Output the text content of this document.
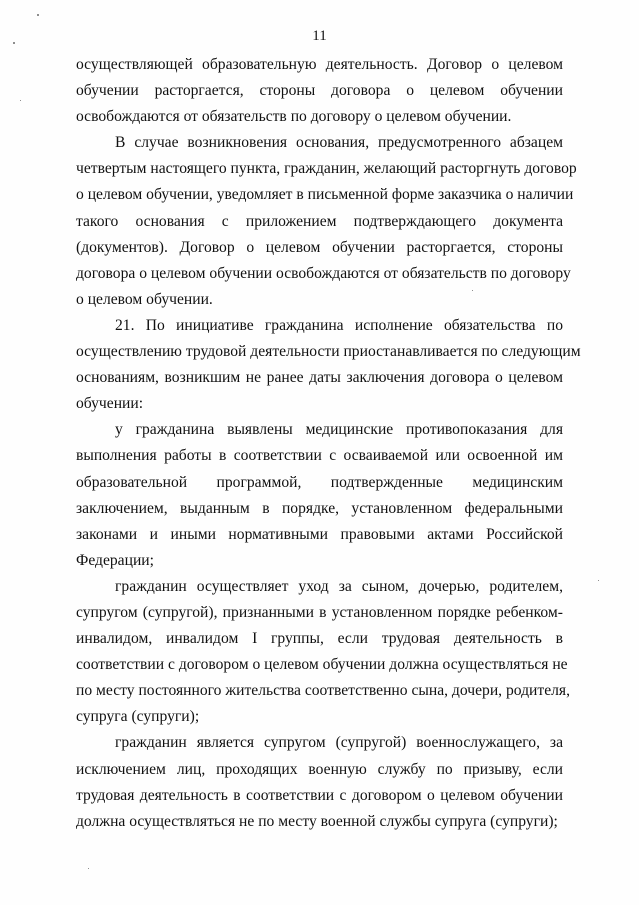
11
осуществляющей образовательную деятельность. Договор о целевом
обучении расторгается, стороны договора о целевом обучении
освобождаются от обязательств по договору о целевом обучении.
В случае возникновения основания, предусмотренного абзацем
четвертым настоящего пункта, гражданин, желающий расторгнуть договор
о целевом обучении, уведомляет в письменной форме заказчика о наличии
такого основания с приложением подтверждающего документа
(документов). Договор о целевом обучении расторгается, стороны
договора о целевом обучении освобождаются от обязательств по договору
о целевом обучении.
21. По инициативе гражданина исполнение обязательства по
осуществлению трудовой деятельности приостанавливается по следующим
основаниям, возникшим не ранее даты заключения договора о целевом
обучении:
у гражданина выявлены медицинские противопоказания для
выполнения работы в соответствии с осваиваемой или освоенной им
образовательной программой, подтвержденные медицинским
заключением, выданным в порядке, установленном федеральными
законами и иными нормативными правовыми актами Российской
Федерации;
гражданин осуществляет уход за сыном, дочерью, родителем,
супругом (супругой), признанными в установленном порядке ребенком-
инвалидом, инвалидом I группы, если трудовая деятельность в
соответствии с договором о целевом обучении должна осуществляться не
по месту постоянного жительства соответственно сына, дочери, родителя,
супруга (супруги);
гражданин является супругом (супругой) военнослужащего, за
исключением лиц, проходящих военную службу по призыву, если
трудовая деятельность в соответствии с договором о целевом обучении
должна осуществляться не по месту военной службы супруга (супруги);
